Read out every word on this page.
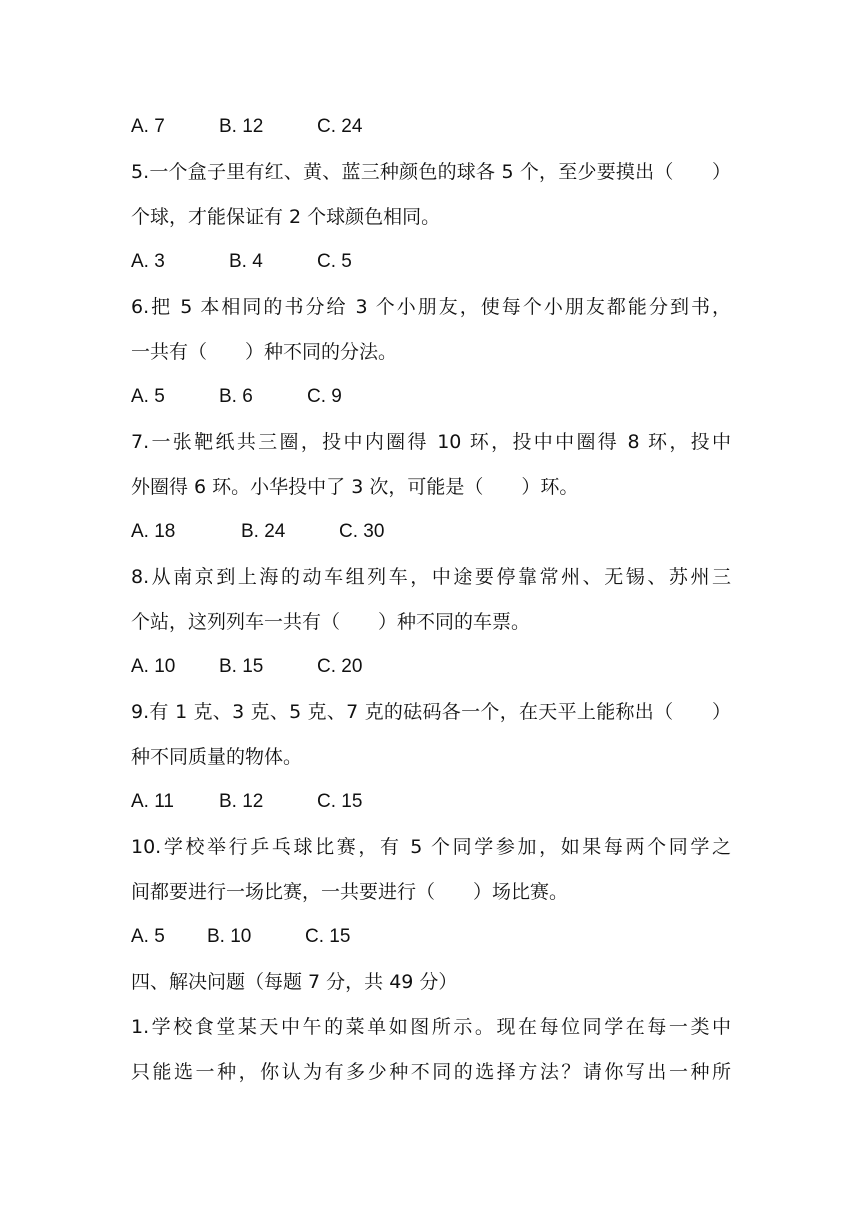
A. 7	B. 12	C. 24
5.一个盒子里有红、黄、蓝三种颜色的球各 5 个，至少要摸出（　　）
个球，才能保证有 2 个球颜色相同。
A. 3	B. 4	C. 5
6.把 5 本相同的书分给 3 个小朋友，使每个小朋友都能分到书，
一共有（　　）种不同的分法。
A. 5	B. 6	C. 9
7.一张靶纸共三圈，投中内圈得 10 环，投中中圈得 8 环，投中
外圈得 6 环。小华投中了 3 次，可能是（　　）环。
A. 18	B. 24	C. 30
8.从南京到上海的动车组列车，中途要停靠常州、无锡、苏州三
个站，这列列车一共有（　　）种不同的车票。
A. 10 B. 15	C. 20
9.有 1 克、3 克、5 克、7 克的砝码各一个，在天平上能称出（　　）
种不同质量的物体。
A. 11 B. 12	C. 15
10.学校举行乒乓球比赛，有 5 个同学参加，如果每两个同学之
间都要进行一场比赛，一共要进行（　　）场比赛。
A. 5 B. 10	C. 15
四、解决问题（每题 7 分，共 49 分）
1.学校食堂某天中午的菜单如图所示。现在每位同学在每一类中
只能选一种，你认为有多少种不同的选择方法？请你写出一种所
